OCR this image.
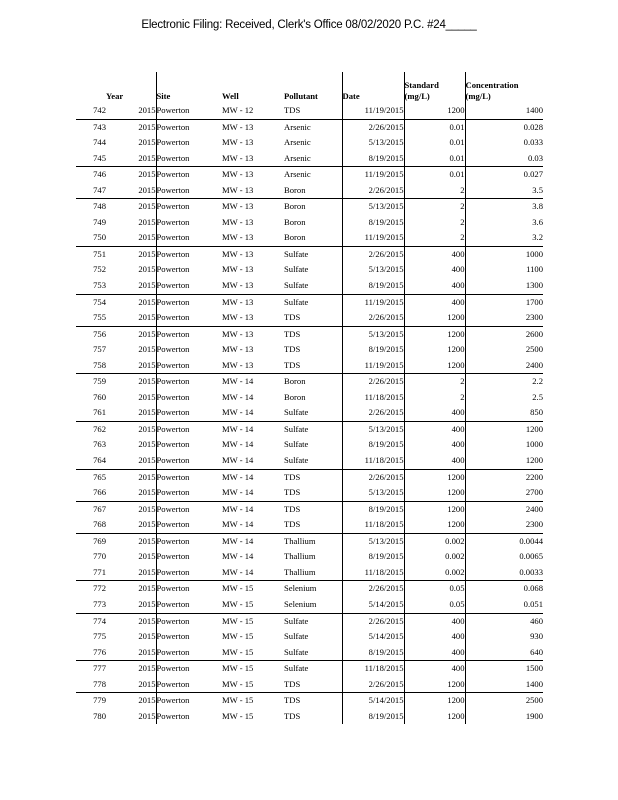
Electronic Filing: Received, Clerk's Office 08/02/2020 P.C. #24_____
	Year	Site	Well	Pollutant	Date	Standard
(mg/L)	Concentration
(mg/L)
742	2015	Powerton	MW - 12	TDS	11/19/2015	1200	1400
743	2015	Powerton	MW - 13	Arsenic	2/26/2015	0.01	0.028
744	2015	Powerton	MW - 13	Arsenic	5/13/2015	0.01	0.033
745	2015	Powerton	MW - 13	Arsenic	8/19/2015	0.01	0.03
746	2015	Powerton	MW - 13	Arsenic	11/19/2015	0.01	0.027
747	2015	Powerton	MW - 13	Boron	2/26/2015	2	3.5
748	2015	Powerton	MW - 13	Boron	5/13/2015	2	3.8
749	2015	Powerton	MW - 13	Boron	8/19/2015	2	3.6
750	2015	Powerton	MW - 13	Boron	11/19/2015	2	3.2
751	2015	Powerton	MW - 13	Sulfate	2/26/2015	400	1000
752	2015	Powerton	MW - 13	Sulfate	5/13/2015	400	1100
753	2015	Powerton	MW - 13	Sulfate	8/19/2015	400	1300
754	2015	Powerton	MW - 13	Sulfate	11/19/2015	400	1700
755	2015	Powerton	MW - 13	TDS	2/26/2015	1200	2300
756	2015	Powerton	MW - 13	TDS	5/13/2015	1200	2600
757	2015	Powerton	MW - 13	TDS	8/19/2015	1200	2500
758	2015	Powerton	MW - 13	TDS	11/19/2015	1200	2400
759	2015	Powerton	MW - 14	Boron	2/26/2015	2	2.2
760	2015	Powerton	MW - 14	Boron	11/18/2015	2	2.5
761	2015	Powerton	MW - 14	Sulfate	2/26/2015	400	850
762	2015	Powerton	MW - 14	Sulfate	5/13/2015	400	1200
763	2015	Powerton	MW - 14	Sulfate	8/19/2015	400	1000
764	2015	Powerton	MW - 14	Sulfate	11/18/2015	400	1200
765	2015	Powerton	MW - 14	TDS	2/26/2015	1200	2200
766	2015	Powerton	MW - 14	TDS	5/13/2015	1200	2700
767	2015	Powerton	MW - 14	TDS	8/19/2015	1200	2400
768	2015	Powerton	MW - 14	TDS	11/18/2015	1200	2300
769	2015	Powerton	MW - 14	Thallium	5/13/2015	0.002	0.0044
770	2015	Powerton	MW - 14	Thallium	8/19/2015	0.002	0.0065
771	2015	Powerton	MW - 14	Thallium	11/18/2015	0.002	0.0033
772	2015	Powerton	MW - 15	Selenium	2/26/2015	0.05	0.068
773	2015	Powerton	MW - 15	Selenium	5/14/2015	0.05	0.051
774	2015	Powerton	MW - 15	Sulfate	2/26/2015	400	460
775	2015	Powerton	MW - 15	Sulfate	5/14/2015	400	930
776	2015	Powerton	MW - 15	Sulfate	8/19/2015	400	640
777	2015	Powerton	MW - 15	Sulfate	11/18/2015	400	1500
778	2015	Powerton	MW - 15	TDS	2/26/2015	1200	1400
779	2015	Powerton	MW - 15	TDS	5/14/2015	1200	2500
780	2015	Powerton	MW - 15	TDS	8/19/2015	1200	1900
